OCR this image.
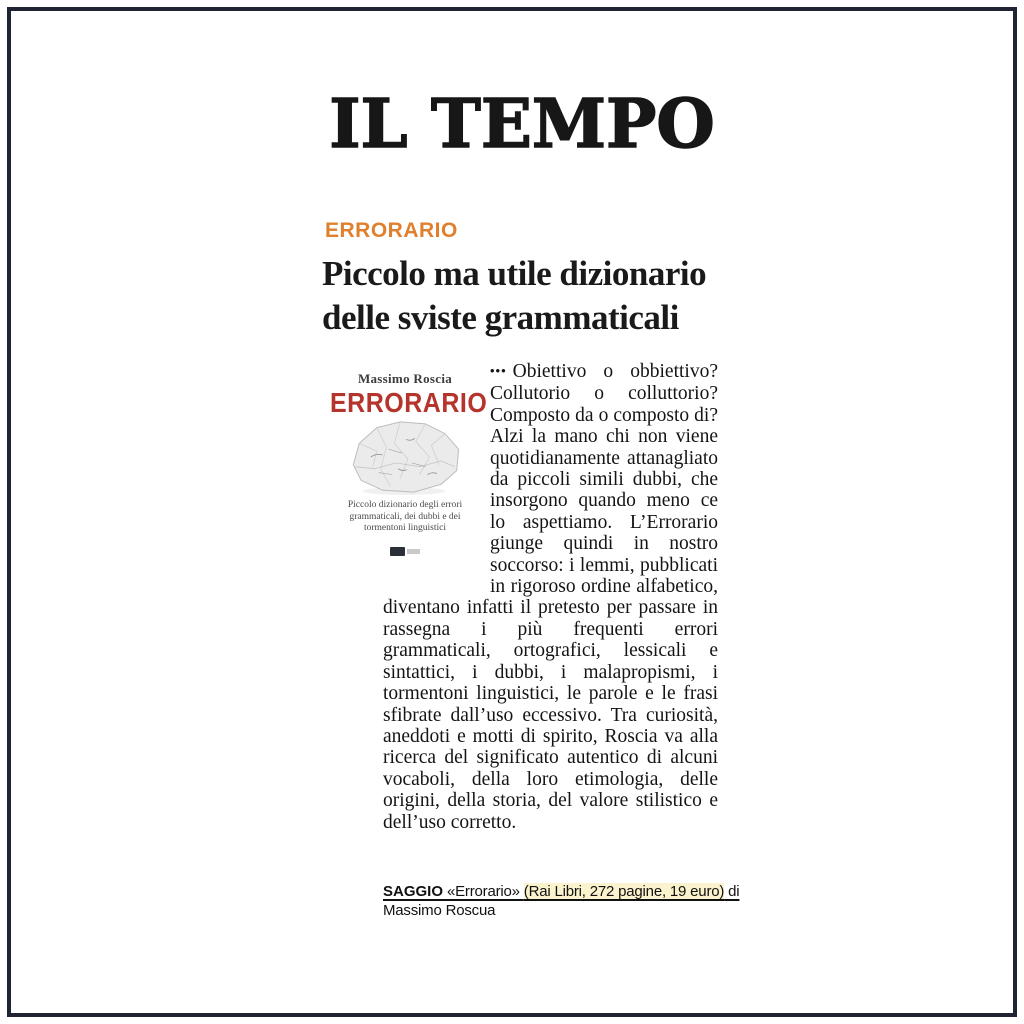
IL TEMPO
ERRORARIO
Piccolo ma utile dizionario
delle sviste grammaticali
Massimo Roscia
ERRORARIO
Piccolo dizionario degli errori grammaticali, dei dubbi e dei tormentoni linguistici

••• Obiettivo o obbiettivo? Collutorio o colluttorio? Composto da o composto di? Alzi la mano chi non viene quotidianamente attanagliato da piccoli simili dubbi, che insorgono quando meno ce lo aspettiamo. L’Errorario giunge quindi in nostro soccorso: i lemmi, pubblicati in rigoroso ordine alfabetico, diventano infatti il pretesto per passare in rassegna i più frequenti errori grammaticali, ortografici, lessicali e sintattici, i dubbi, i malapropismi, i tormentoni linguistici, le parole e le frasi sfibrate dall’uso eccessivo. Tra curiosità, aneddoti e motti di spirito, Roscia va alla ricerca del significato autentico di alcuni vocaboli, della loro etimologia, delle origini, della storia, del valore stilistico e dell’uso corretto.

SAGGIO «Errorario» (Rai Libri, 272 pagine, 19 euro) di
Massimo Roscua
